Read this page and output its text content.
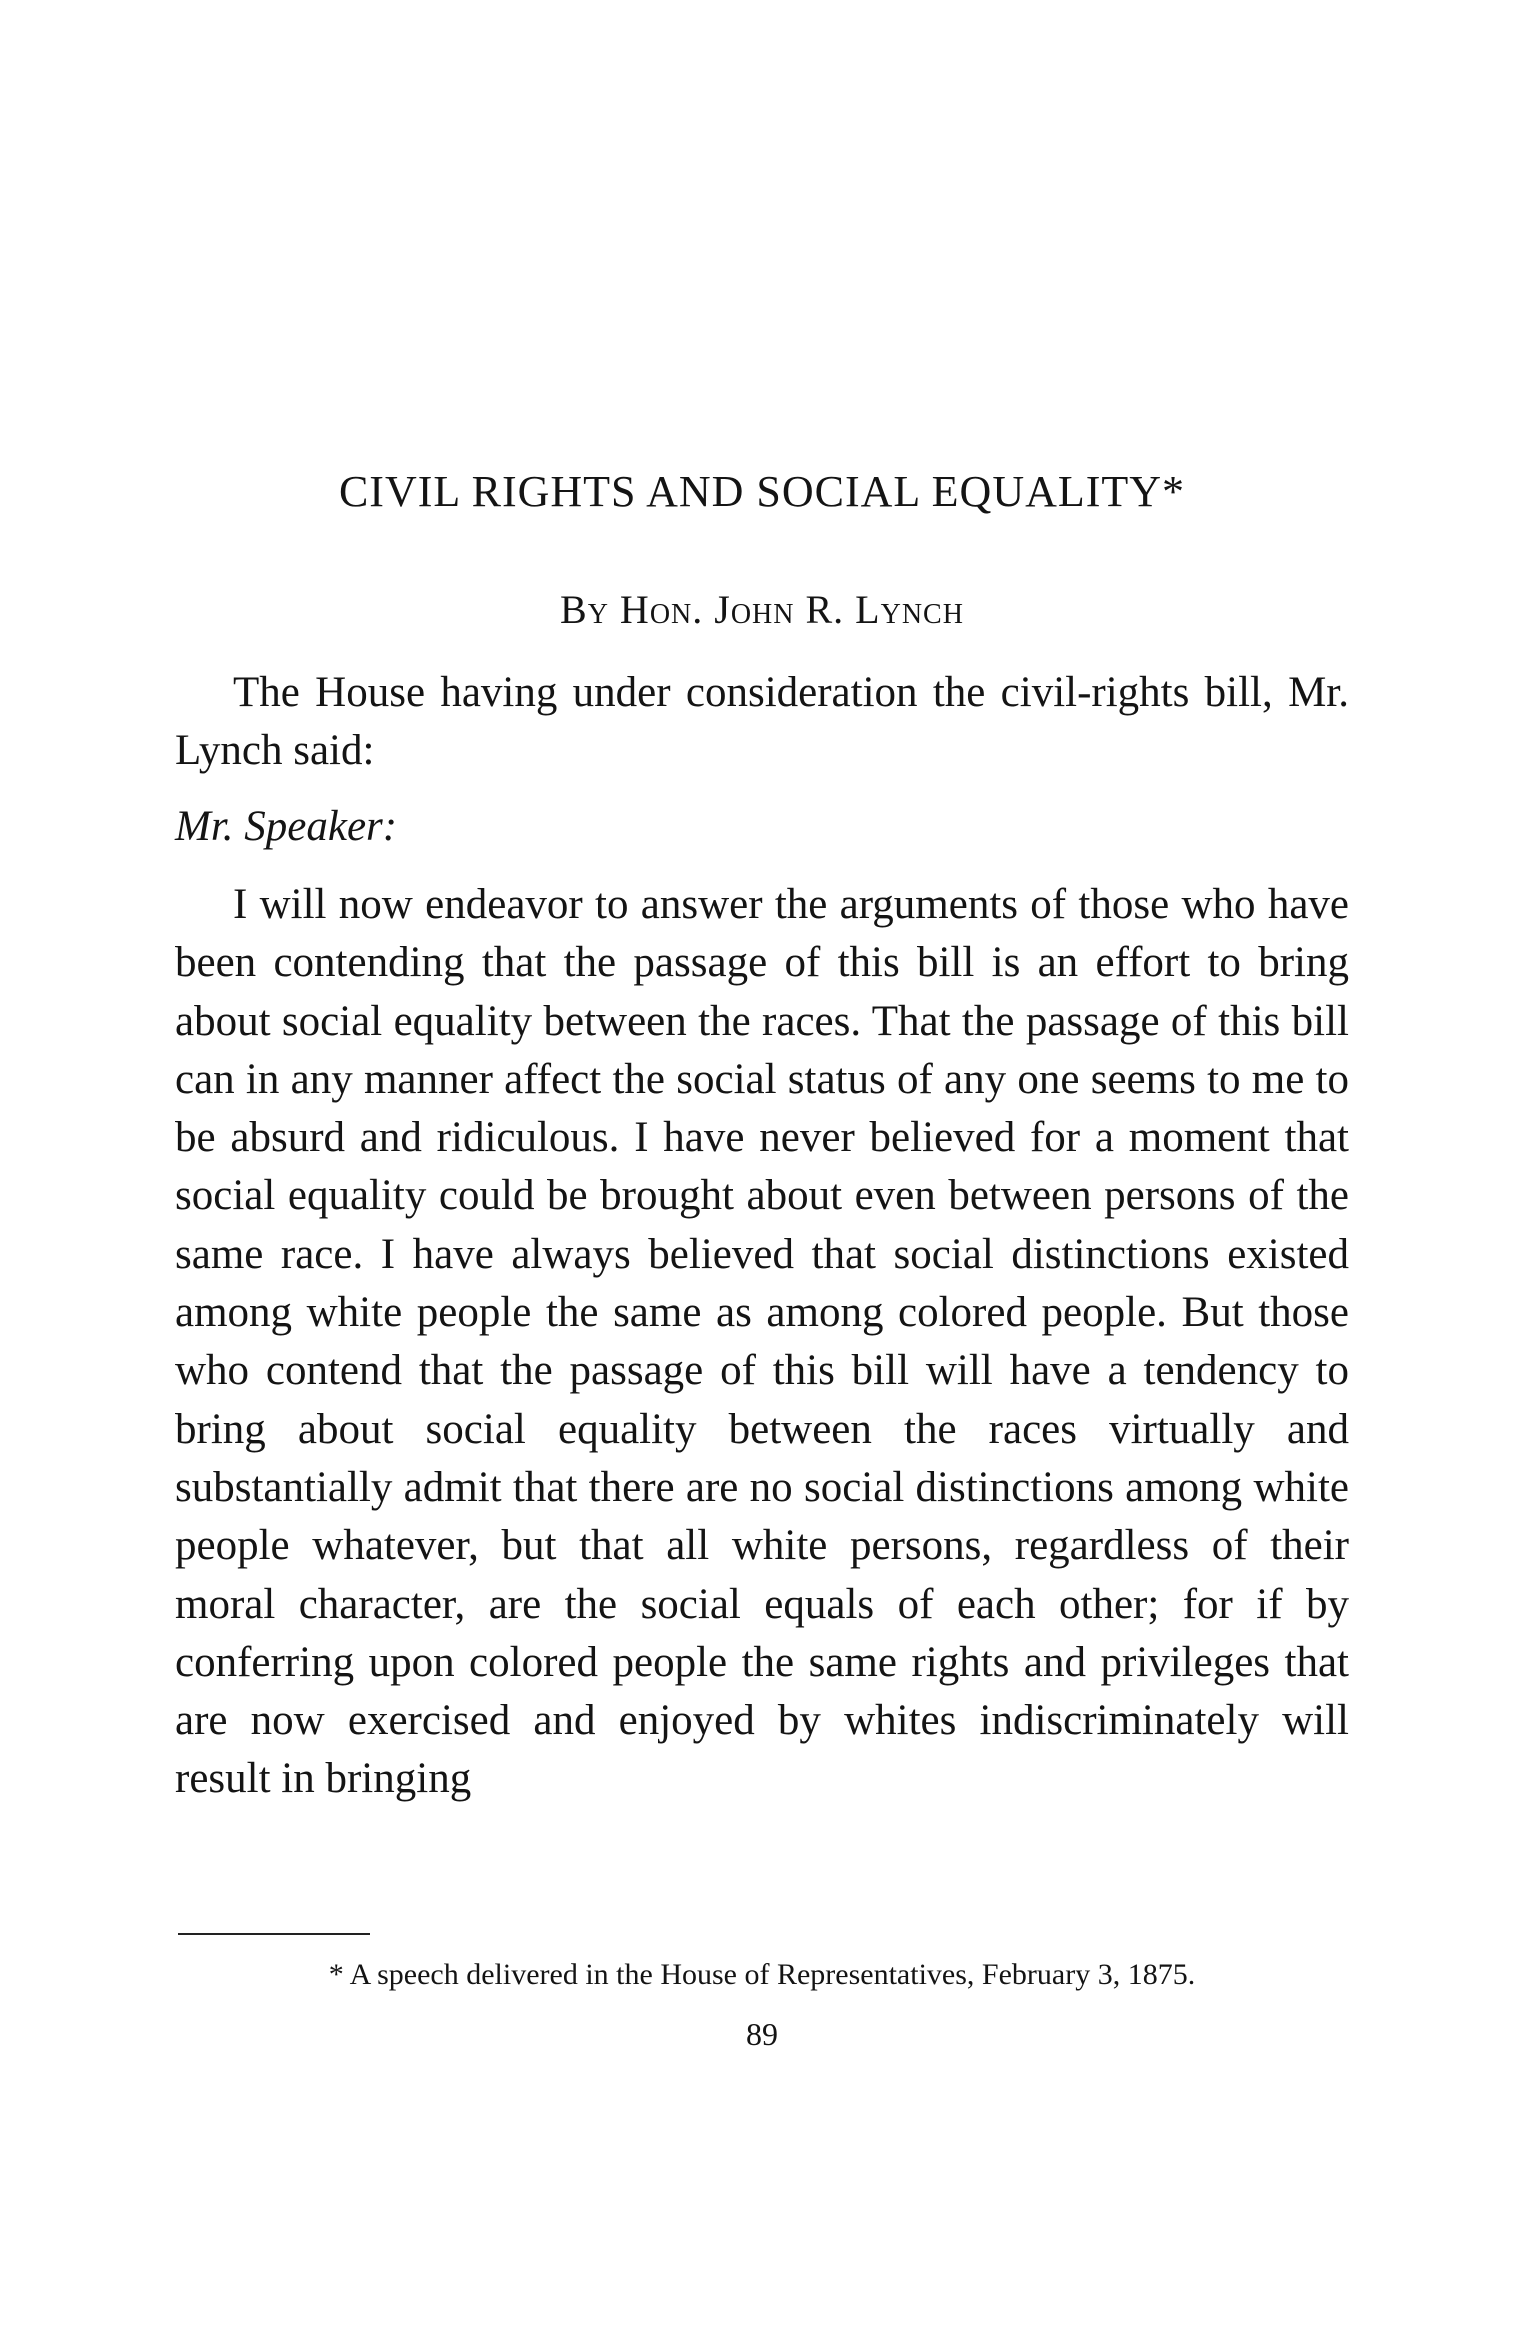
CIVIL RIGHTS AND SOCIAL EQUALITY*
By Hon. John R. Lynch

The House having under consideration the civil-rights bill, Mr. Lynch said:

Mr. Speaker:

I will now endeavor to answer the arguments of those who have been contending that the passage of this bill is an effort to bring about social equality between the races. That the passage of this bill can in any manner affect the social status of any one seems to me to be absurd and ridiculous. I have never believed for a moment that social equality could be brought about even between persons of the same race. I have always believed that social distinctions existed among white people the same as among colored people. But those who contend that the passage of this bill will have a tendency to bring about social equality between the races virtually and substantially admit that there are no social distinctions among white people whatever, but that all white persons, regardless of their moral character, are the social equals of each other; for if by conferring upon colored people the same rights and privileges that are now exercised and enjoyed by whites indiscriminately will result in bringing

* A speech delivered in the House of Representatives, February 3, 1875.

89
